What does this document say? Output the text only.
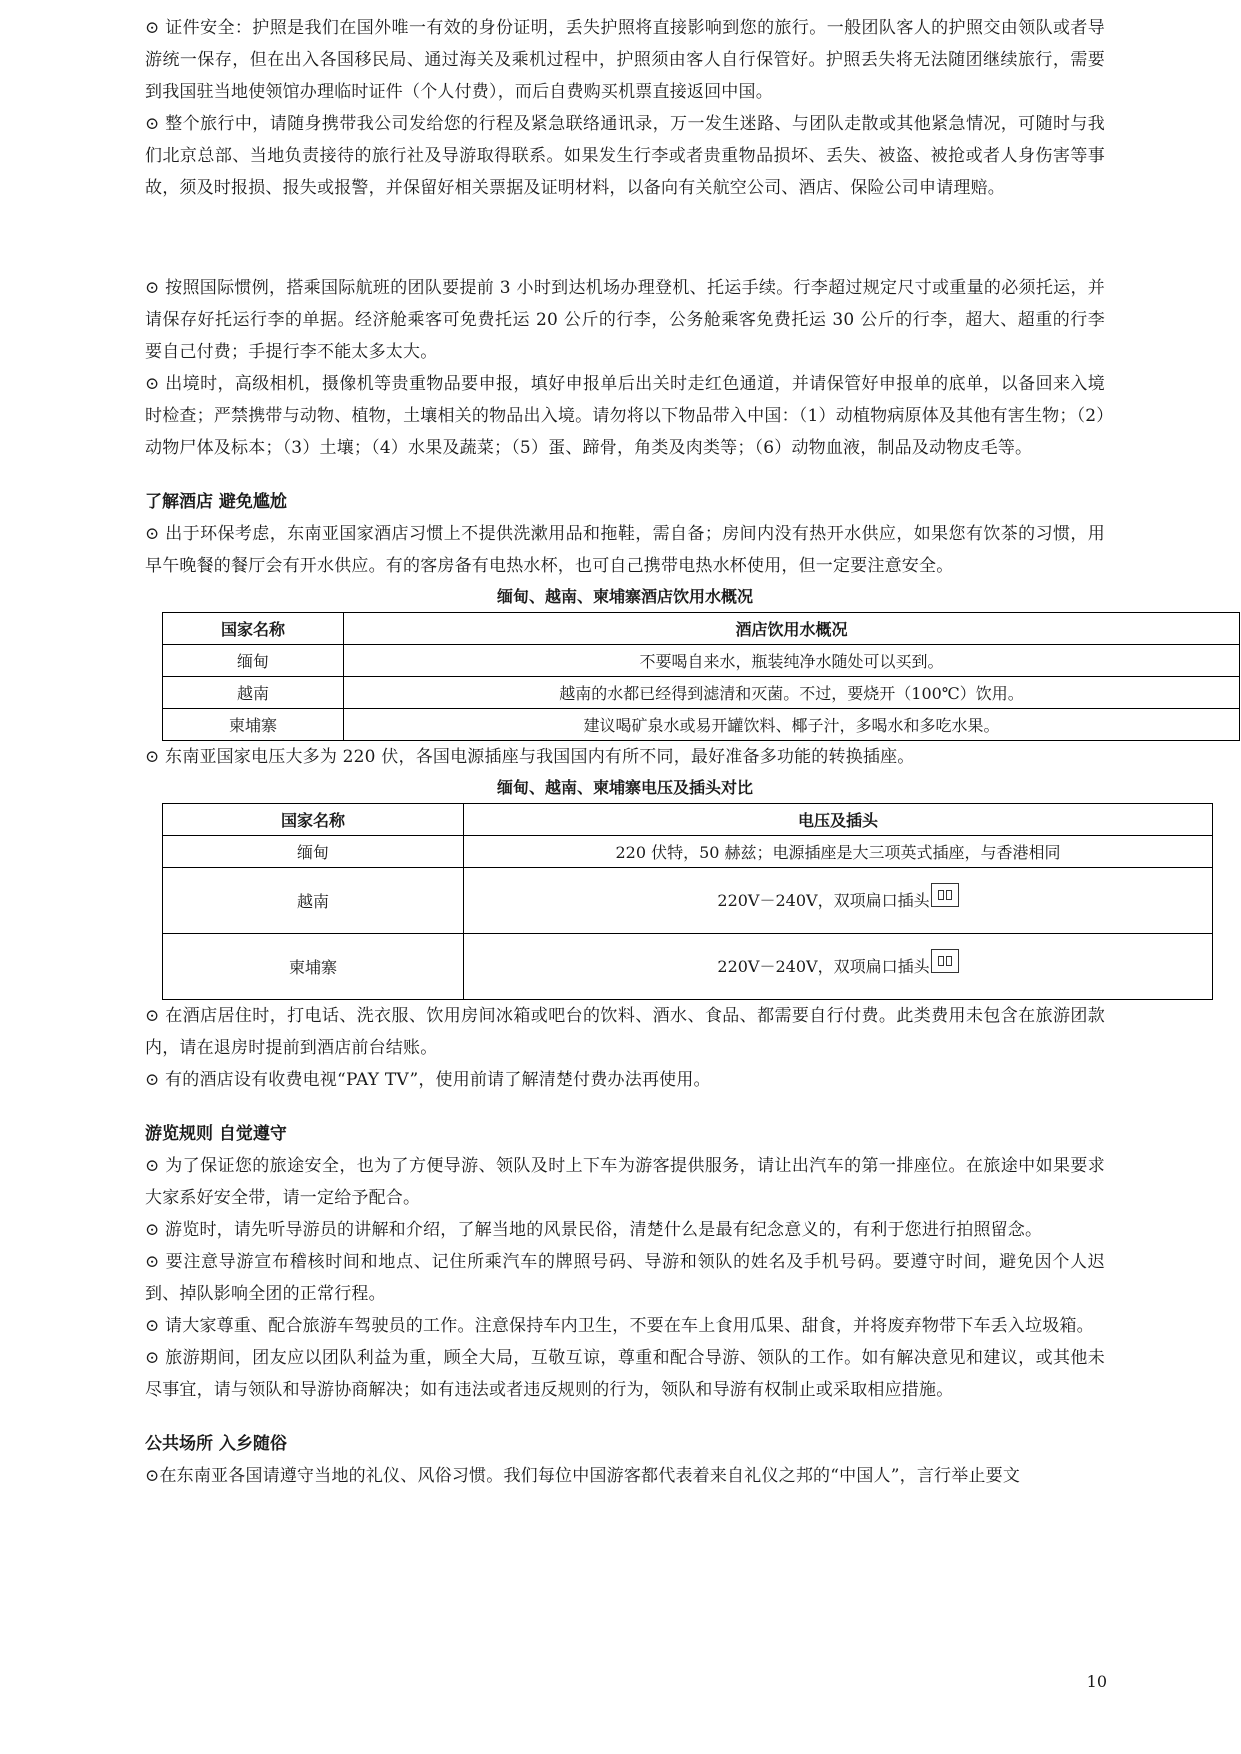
⊙ 证件安全：护照是我们在国外唯一有效的身份证明，丢失护照将直接影响到您的旅行。一般团队客人的护照交由领队或者导游统一保存，但在出入各国移民局、通过海关及乘机过程中，护照须由客人自行保管好。护照丢失将无法随团继续旅行，需要到我国驻当地使领馆办理临时证件（个人付费），而后自费购买机票直接返回中国。

⊙ 整个旅行中，请随身携带我公司发给您的行程及紧急联络通讯录，万一发生迷路、与团队走散或其他紧急情况，可随时与我们北京总部、当地负责接待的旅行社及导游取得联系。如果发生行李或者贵重物品损坏、丢失、被盗、被抢或者人身伤害等事故，须及时报损、报失或报警，并保留好相关票据及证明材料，以备向有关航空公司、酒店、保险公司申请理赔。

⊙ 按照国际惯例，搭乘国际航班的团队要提前 3 小时到达机场办理登机、托运手续。行李超过规定尺寸或重量的必须托运，并请保存好托运行李的单据。经济舱乘客可免费托运 20 公斤的行李，公务舱乘客免费托运 30 公斤的行李，超大、超重的行李要自己付费；手提行李不能太多太大。

⊙ 出境时，高级相机，摄像机等贵重物品要申报，填好申报单后出关时走红色通道，并请保管好申报单的底单，以备回来入境时检查；严禁携带与动物、植物，土壤相关的物品出入境。请勿将以下物品带入中国：（1）动植物病原体及其他有害生物；（2）动物尸体及标本；（3）土壤；（4）水果及蔬菜；（5）蛋、蹄骨，角类及肉类等；（6）动物血液，制品及动物皮毛等。

了解酒店 避免尴尬

⊙ 出于环保考虑，东南亚国家酒店习惯上不提供洗漱用品和拖鞋，需自备；房间内没有热开水供应，如果您有饮茶的习惯，用早午晚餐的餐厅会有开水供应。有的客房备有电热水杯，也可自己携带电热水杯使用，但一定要注意安全。

缅甸、越南、柬埔寨酒店饮用水概况

国家名称	酒店饮用水概况
缅甸	不要喝自来水，瓶装纯净水随处可以买到。
越南	越南的水都已经得到滤清和灭菌。不过，要烧开（100℃）饮用。
柬埔寨	建议喝矿泉水或易开罐饮料、椰子汁，多喝水和多吃水果。

⊙ 东南亚国家电压大多为 220 伏，各国电源插座与我国国内有所不同，最好准备多功能的转换插座。

缅甸、越南、柬埔寨电压及插头对比

国家名称	电压及插头
缅甸	220 伏特，50 赫兹；电源插座是大三项英式插座，与香港相同
越南	220V－240V，双项扁口插头
柬埔寨	220V－240V，双项扁口插头

⊙ 在酒店居住时，打电话、洗衣服、饮用房间冰箱或吧台的饮料、酒水、食品、都需要自行付费。此类费用未包含在旅游团款内，请在退房时提前到酒店前台结账。

⊙ 有的酒店设有收费电视“PAY TV”，使用前请了解清楚付费办法再使用。

游览规则 自觉遵守

⊙ 为了保证您的旅途安全，也为了方便导游、领队及时上下车为游客提供服务，请让出汽车的第一排座位。在旅途中如果要求大家系好安全带，请一定给予配合。

⊙ 游览时，请先听导游员的讲解和介绍，了解当地的风景民俗，清楚什么是最有纪念意义的，有利于您进行拍照留念。

⊙ 要注意导游宣布稽核时间和地点、记住所乘汽车的牌照号码、导游和领队的姓名及手机号码。要遵守时间，避免因个人迟到、掉队影响全团的正常行程。

⊙ 请大家尊重、配合旅游车驾驶员的工作。注意保持车内卫生，不要在车上食用瓜果、甜食，并将废弃物带下车丢入垃圾箱。

⊙ 旅游期间，团友应以团队利益为重，顾全大局，互敬互谅，尊重和配合导游、领队的工作。如有解决意见和建议，或其他未尽事宜，请与领队和导游协商解决；如有违法或者违反规则的行为，领队和导游有权制止或采取相应措施。

公共场所 入乡随俗

⊙在东南亚各国请遵守当地的礼仪、风俗习惯。我们每位中国游客都代表着来自礼仪之邦的“中国人”，言行举止要文

10
